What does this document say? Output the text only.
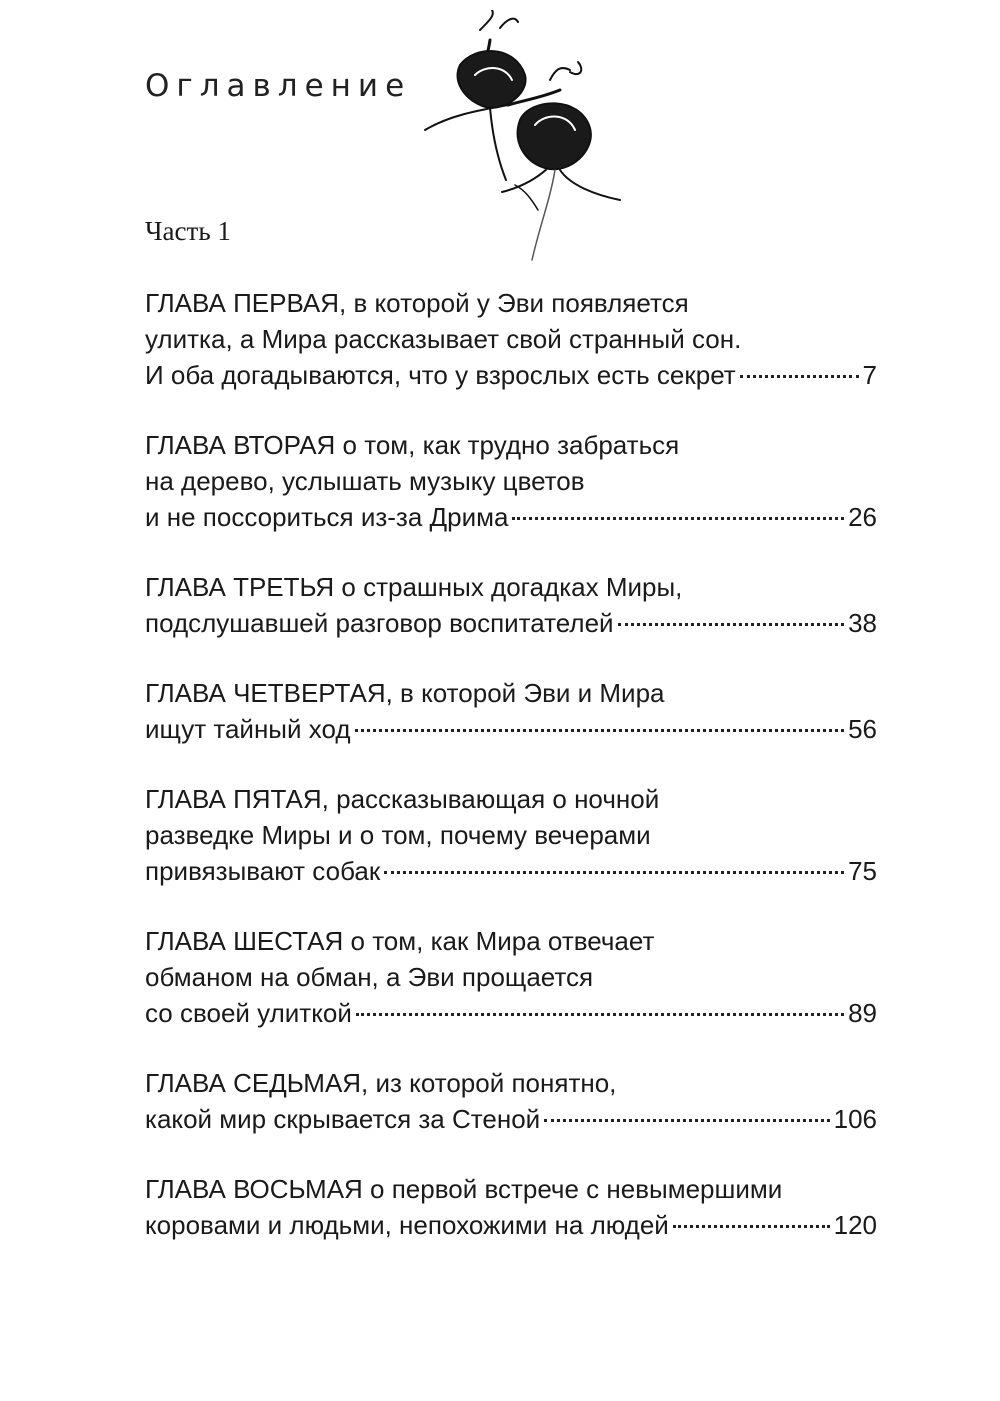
Оглавление
Часть 1
ГЛАВА ПЕРВАЯ, в которой у Эви появляется
улитка, а Мира рассказывает свой странный сон.
И оба догадываются, что у взрослых есть секрет	7
ГЛАВА ВТОРАЯ о том, как трудно забраться
на дерево, услышать музыку цветов
и не поссориться из-за Дрима	26
ГЛАВА ТРЕТЬЯ о страшных догадках Миры,
подслушавшей разговор воспитателей	38
ГЛАВА ЧЕТВЕРТАЯ, в которой Эви и Мира
ищут тайный ход	56
ГЛАВА ПЯТАЯ, рассказывающая о ночной
разведке Миры и о том, почему вечерами
привязывают собак	75
ГЛАВА ШЕСТАЯ о том, как Мира отвечает
обманом на обман, а Эви прощается
со своей улиткой	89
ГЛАВА СЕДЬМАЯ, из которой понятно,
какой мир скрывается за Стеной	106
ГЛАВА ВОСЬМАЯ о первой встрече с невымершими
коровами и людьми, непохожими на людей	120
